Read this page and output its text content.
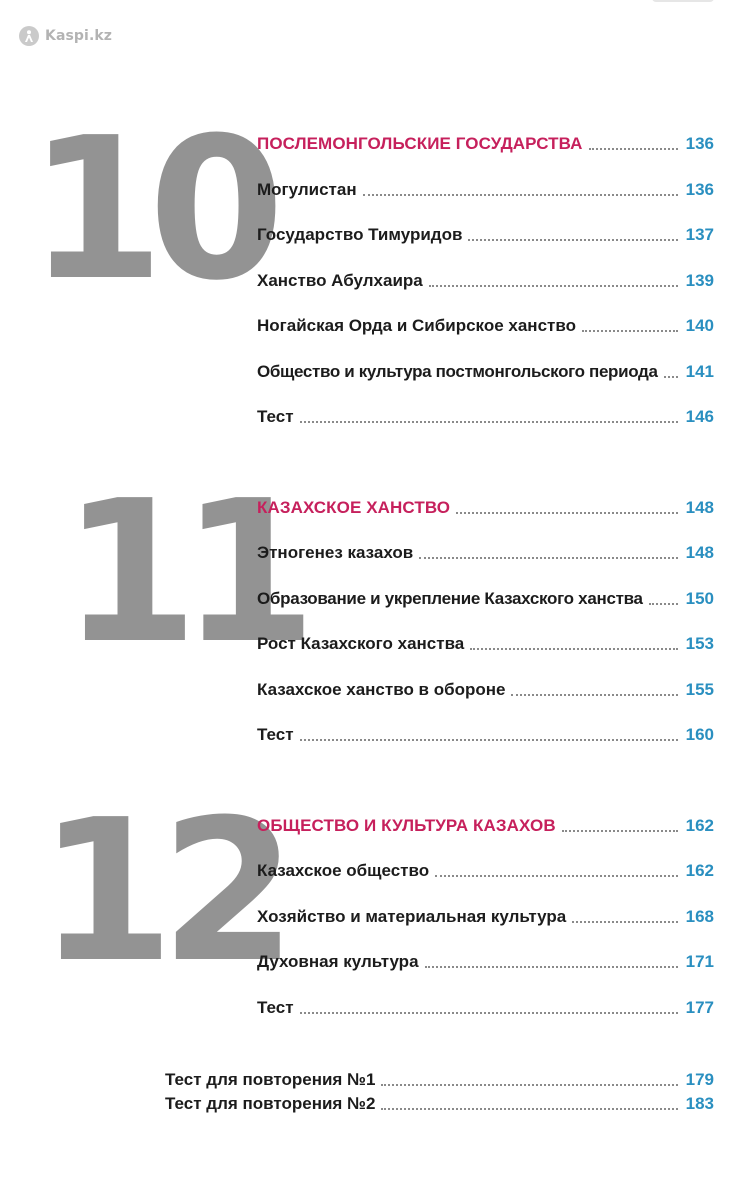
Kaspi.kz
10
ПОСЛЕМОНГОЛЬСКИЕ ГОСУДАРСТВА	136
Могулистан	136
Государство Тимуридов	137
Ханство Абулхаира	139
Ногайская Орда и Сибирское ханство	140
Общество и культура постмонгольского периода 141
Тест	146
11
КАЗАХСКОЕ ХАНСТВО	148
Этногенез казахов	148
Образование и укрепление Казахского ханства	150
Рост Казахского ханства	153
Казахское ханство в обороне	155
Тест	160
12
ОБЩЕСТВО И КУЛЬТУРА КАЗАХОВ	162
Казахское общество	162
Хозяйство и материальная культура	168
Духовная культура	171
Тест	177
Тест для повторения №1	179
Тест для повторения №2	183
